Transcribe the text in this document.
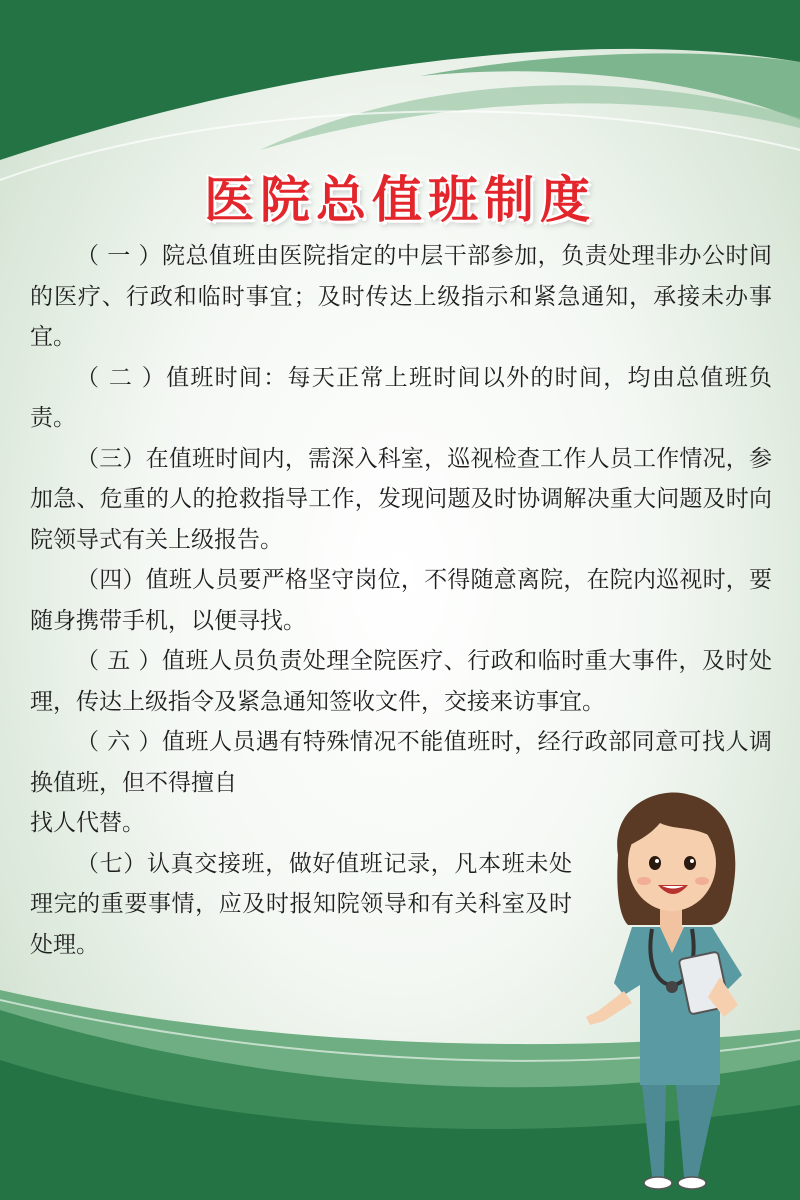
医院总值班制度

（ 一 ）院总值班由医院指定的中层干部参加，负责处理非办公时间的医疗、行政和临时事宜；及时传达上级指示和紧急通知，承接未办事宜。

（ 二 ）值班时间：每天正常上班时间以外的时间，均由总值班负责。

（三）在值班时间内，需深入科室，巡视检查工作人员工作情况，参加急、危重的人的抢救指导工作，发现问题及时协调解决重大问题及时向院领导式有关上级报告。

（四）值班人员要严格坚守岗位，不得随意离院，在院内巡视时，要随身携带手机，以便寻找。

（ 五 ）值班人员负责处理全院医疗、行政和临时重大事件，及时处理，传达上级指令及紧急通知签收文件，交接来访事宜。

（ 六 ）值班人员遇有特殊情况不能值班时，经行政部同意可找人调换值班，但不得擅自

找人代替。

（七）认真交接班，做好值班记录，凡本班未处理完的重要事情，应及时报知院领导和有关科室及时处理。
